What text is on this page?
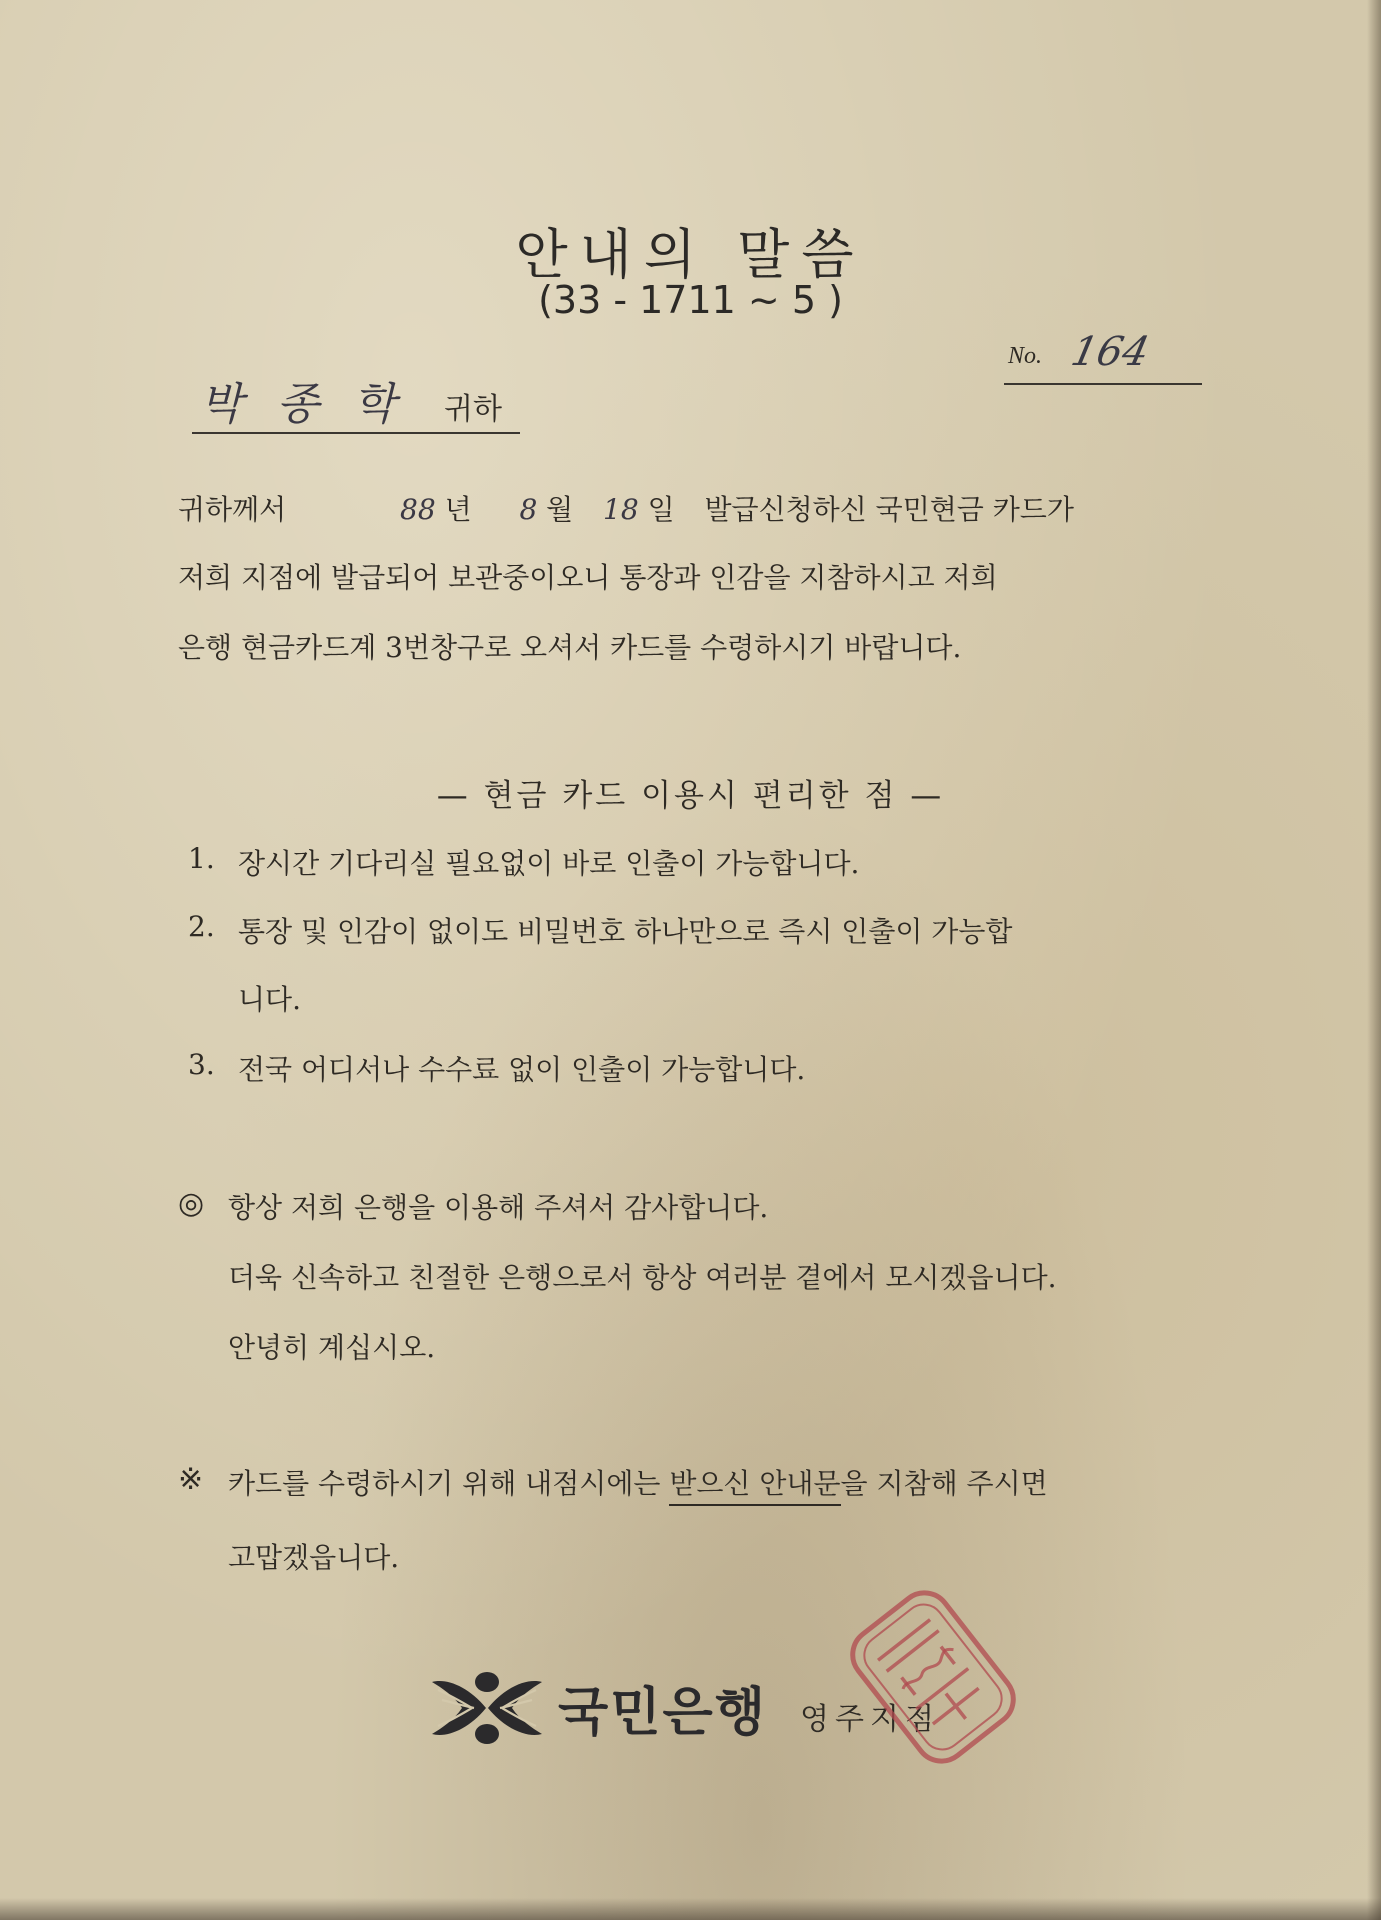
안내의 말씀
(33 - 1711 ~ 5 )
No. 164
박종학 귀하
귀하께서	88 년 8 월 18 일 발급신청하신 국민현금 카드가
저희 지점에 발급되어 보관중이오니 통장과 인감을 지참하시고 저희
은행 현금카드계 3번창구로 오셔서 카드를 수령하시기 바랍니다.
— 현금 카드 이용시 편리한 점 —
1. 장시간 기다리실 필요없이 바로 인출이 가능합니다.
2. 통장 및 인감이 없이도 비밀번호 하나만으로 즉시 인출이 가능합
니다.
3. 전국 어디서나 수수료 없이 인출이 가능합니다.
◎ 항상 저희 은행을 이용해 주셔서 감사합니다.
더욱 신속하고 친절한 은행으로서 항상 여러분 곁에서 모시겠읍니다.
안녕히 계십시오.
※ 카드를 수령하시기 위해 내점시에는 받으신 안내문을 지참해 주시면
고맙겠읍니다.
국민은행 영주지점
